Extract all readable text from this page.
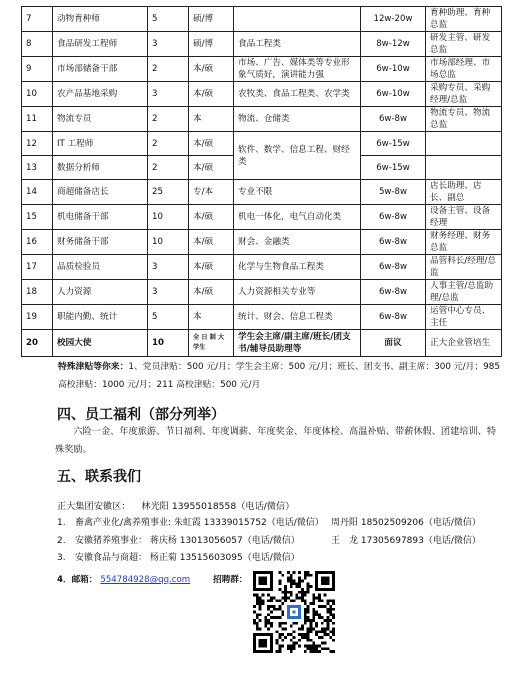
7	动物育种师	5	硕/博		12w-20w	育种助理、育种总监
8	食品研发工程师	3	硕/博	食品工程类	8w-12w	研发主管、研发总监
9	市场部储备干部	2	本/硕	市场、广告、媒体类等专业形象气质好，演讲能力强	6w-10w	市场部经理、市场总监
10	农产品基地采购	3	本/硕	农牧类、食品工程类、农学类	6w-10w	采购专员、采购经理/总监
11	物流专员	2	本	物流、仓储类	6w-8w	物流专员、物流总监
12	IT 工程师	2	本/硕	软件、数学、信息工程、财经类	6w-15w	
13	数据分析师	2	本/硕		6w-15w	
14	商超储备店长	25	专/本	专业不限	5w-8w	店长助理、店长、副总
15	机电储备干部	10	本/硕	机电一体化，电气自动化类	6w-8w	设备主管、设备经理
16	财务储备干部	10	本/硕	财会、金融类	6w-8w	财务经理、财务总监
17	品质检验员	3	本/硕	化学与生物食品工程类	6w-8w	品管科长/经理/总监
18	人力资源	3	本/硕	人力资源相关专业等	6w-8w	人事主管/总监助理/总监
19	职能内勤、统计	5	本	统计、财会、信息工程类	6w-8w	运管中心专员、主任
20	校园大使	10	全 日 制 大学生	学生会主席/副主席/班长/团支书/辅导员助理等	面议	正大企业管培生
特殊津贴等你来：1、党员津贴：500 元/月；学生会主席：500 元/月；班长、团支书、副主席：300 元/月；985 高校津贴：1000 元/月；211 高校津贴：500 元/月
四、员工福利（部分列举）
六险一金、年度旅游、节日福利、年度调薪、年度奖金、年度体检、高温补贴、带薪休假、团建培训、特殊奖励。
五、联系我们
正大集团安徽区： 林光阳 13955018558（电话/微信）
1.	畜禽产业化/禽养殖事业: 朱虹霞 13339015752（电话/微信） 周丹阳 18502509206（电话/微信）
2.	安徽猪养殖事业： 蒋庆杨 13013056057（电话/微信）	王　龙 17305697893（电话/微信）
3.	安徽食品与商超： 杨正菊 13515603095（电话/微信）
4．邮箱： 554784928@qq.com	招聘群：
